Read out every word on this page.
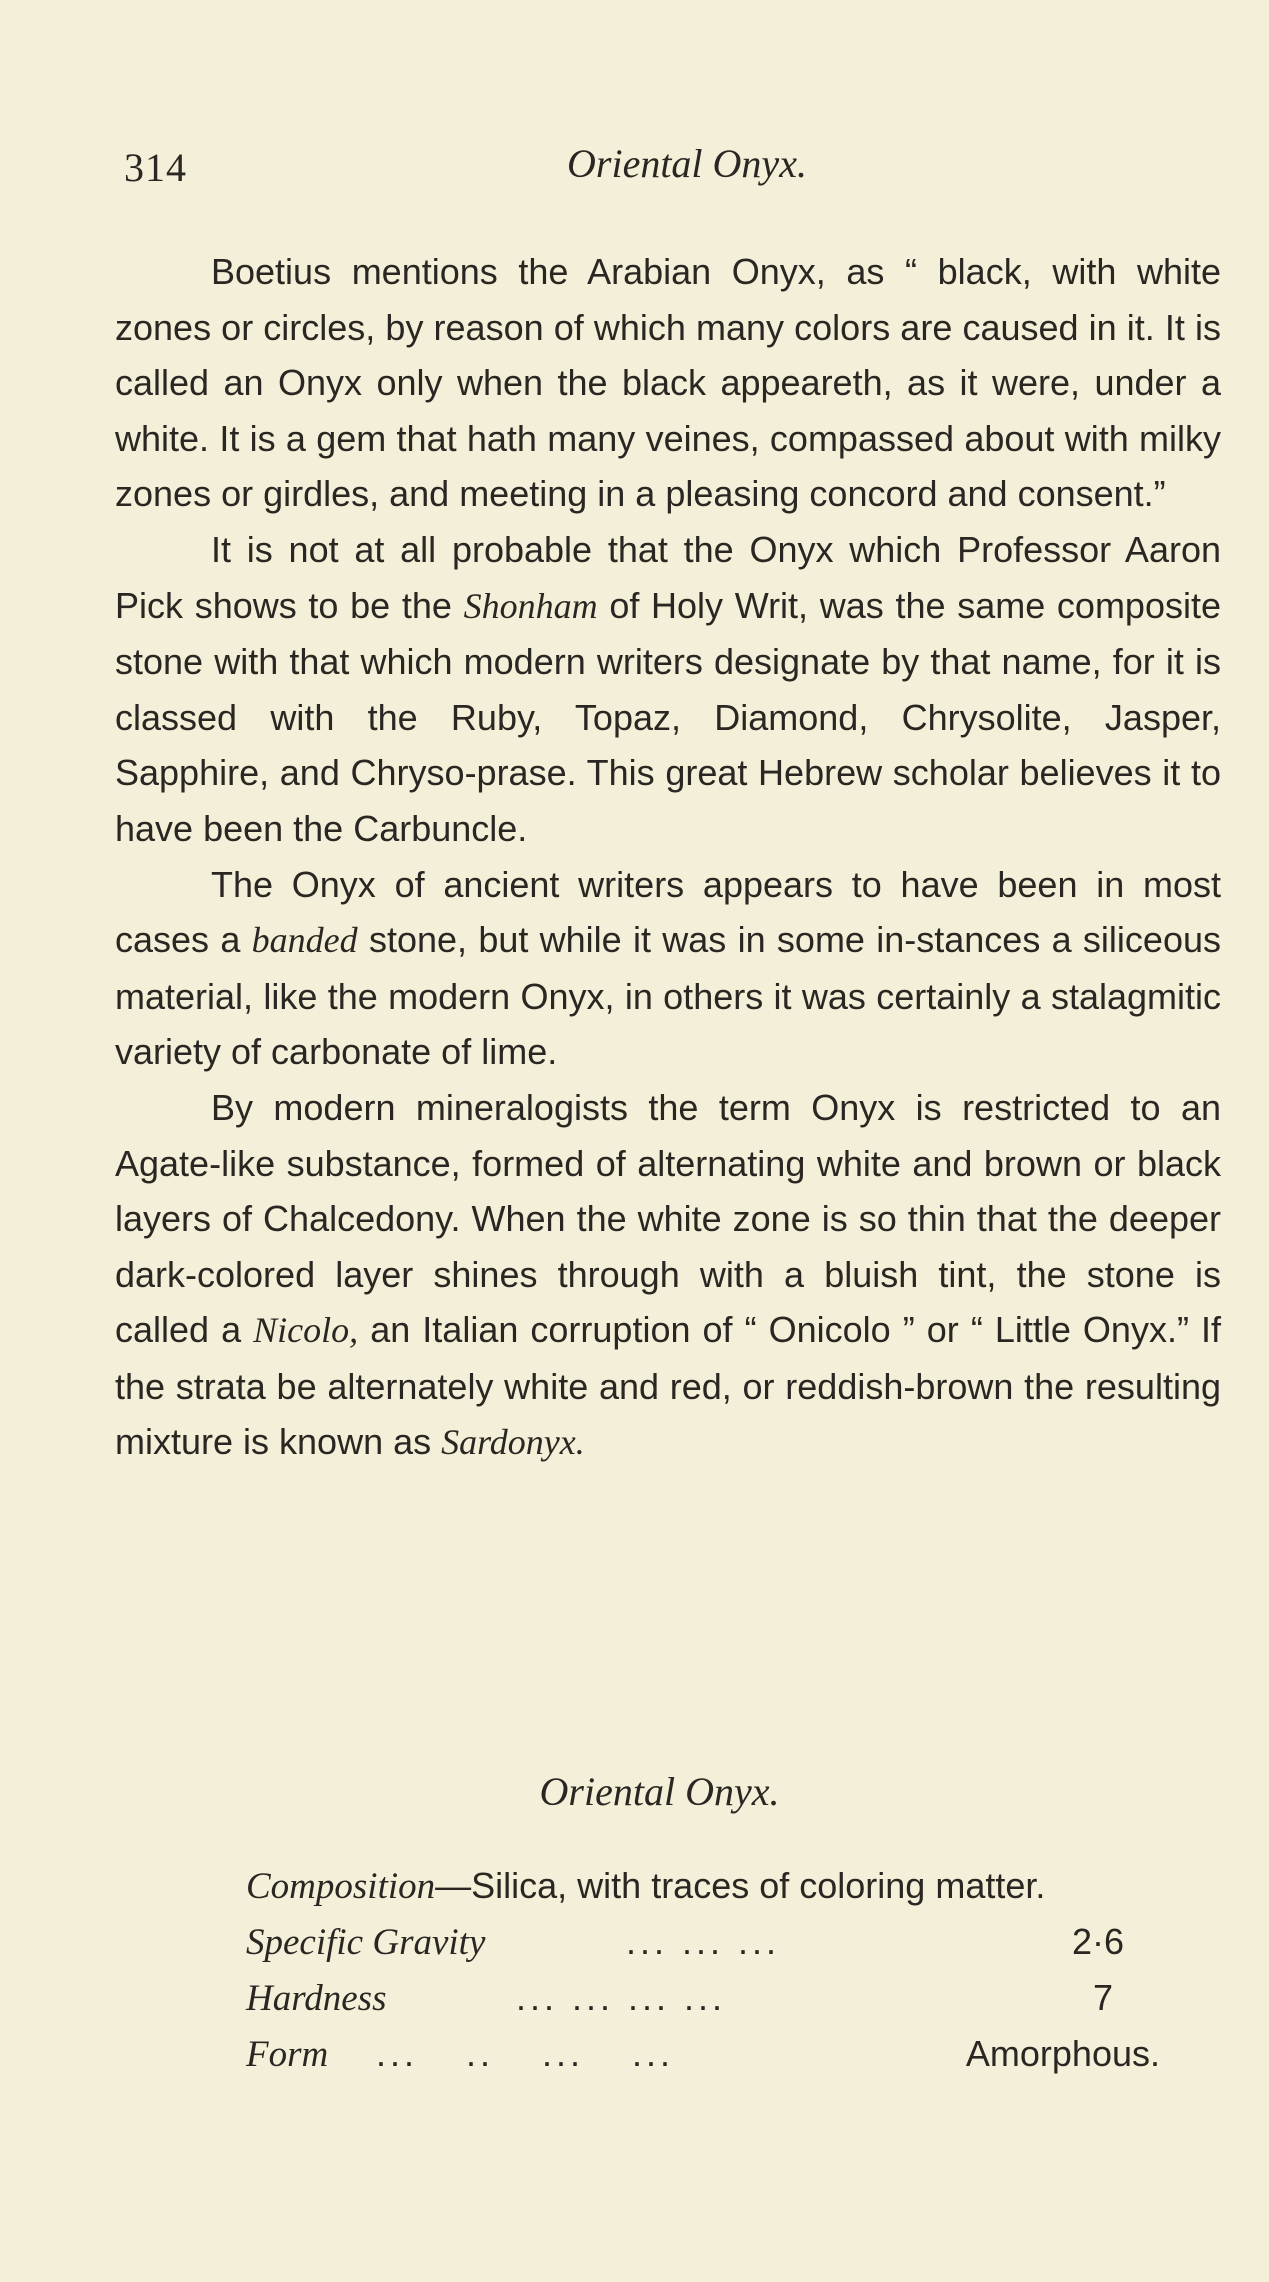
314	Oriental Onyx.

Boetius mentions the Arabian Onyx, as “ black, with white zones or circles, by reason of which many colors are caused in it. It is called an Onyx only when the black appeareth, as it were, under a white. It is a gem that hath many veines, compassed about with milky zones or girdles, and meeting in a pleasing concord and consent.”

It is not at all probable that the Onyx which Professor Aaron Pick shows to be the Shonham of Holy Writ, was the same composite stone with that which modern writers designate by that name, for it is classed with the Ruby, Topaz, Diamond, Chrysolite, Jasper, Sapphire, and Chryso-prase. This great Hebrew scholar believes it to have been the Carbuncle.

The Onyx of ancient writers appears to have been in most cases a banded stone, but while it was in some in-stances a siliceous material, like the modern Onyx, in others it was certainly a stalagmitic variety of carbonate of lime.

By modern mineralogists the term Onyx is restricted to an Agate-like substance, formed of alternating white and brown or black layers of Chalcedony. When the white zone is so thin that the deeper dark-colored layer shines through with a bluish tint, the stone is called a Nicolo, an Italian corruption of “ Onicolo ” or “ Little Onyx.” If the strata be alternately white and red, or reddish-brown the resulting mixture is known as Sardonyx.

Oriental Onyx.
Composition—Silica, with traces of coloring matter.
Specific Gravity	... ... ...	2·6
Hardness	... ... ... ...	7
Form ... .. ... ...	Amorphous.
